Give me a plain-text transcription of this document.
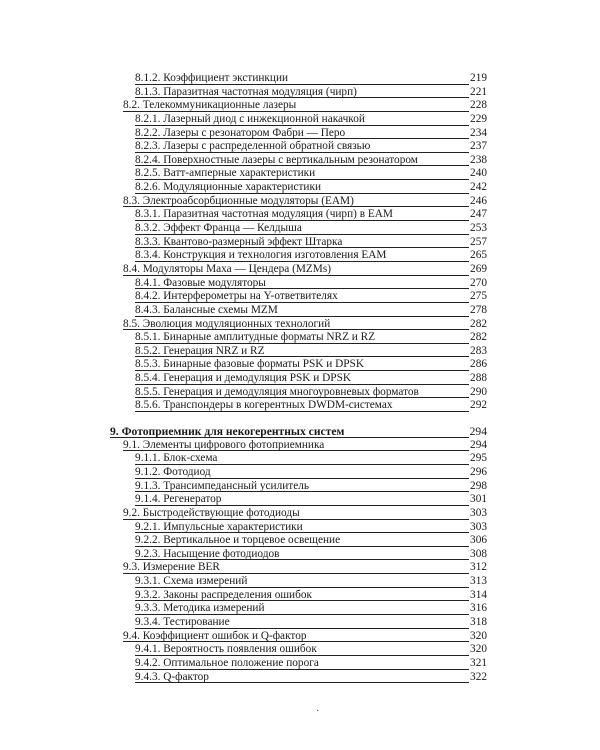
8.1.2. Коэффициент экстинкции	219
8.1.3. Паразитная частотная модуляция (чирп)	221
8.2. Телекоммуникационные лазеры	228
8.2.1. Лазерный диод с инжекционной накачкой	229
8.2.2. Лазеры с резонатором Фабри — Перо	234
8.2.3. Лазеры с распределенной обратной связью	237
8.2.4. Поверхностные лазеры с вертикальным резонатором	238
8.2.5. Ватт-амперные характеристики	240
8.2.6. Модуляционные характеристики	242
8.3. Электроабсорбционные модуляторы (ЕАМ)	246
8.3.1. Паразитная частотная модуляция (чирп) в ЕАМ	247
8.3.2. Эффект Франца — Келдыша	253
8.3.3. Квантово-размерный эффект Штарка	257
8.3.4. Конструкция и технология изготовления ЕАМ	265
8.4. Модуляторы Маха — Цендера (MZMs)	269
8.4.1. Фазовые модуляторы	270
8.4.2. Интерферометры на Y-ответвителях	275
8.4.3. Балансные схемы MZM	278
8.5. Эволюция модуляционных технологий	282
8.5.1. Бинарные амплитудные форматы NRZ и RZ	282
8.5.2. Генерация NRZ и RZ	283
8.5.3. Бинарные фазовые форматы PSK и DPSK	286
8.5.4. Генерация и демодуляция PSK и DPSK	288
8.5.5. Генерация и демодуляция многоуровневых форматов	290
8.5.6. Транспондеры в когерентных DWDM-системах	292
9. Фотоприемник для некогерентных систем	294
9.1. Элементы цифрового фотоприемника	294
9.1.1. Блок-схема	295
9.1.2. Фотодиод	296
9.1.3. Трансимпедансный усилитель	298
9.1.4. Регенератор	301
9.2. Быстродействующие фотодиоды	303
9.2.1. Импульсные характеристики	303
9.2.2. Вертикальное и торцевое освещение	306
9.2.3. Насыщение фотодиодов	308
9.3. Измерение BER	312
9.3.1. Схема измерений	313
9.3.2. Законы распределения ошибок	314
9.3.3. Методика измерений	316
9.3.4. Тестирование	318
9.4. Коэффициент ошибок и Q-фактор	320
9.4.1. Вероятность появления ошибок	320
9.4.2. Оптимальное положение порога	321
9.4.3. Q-фактор	322
·
